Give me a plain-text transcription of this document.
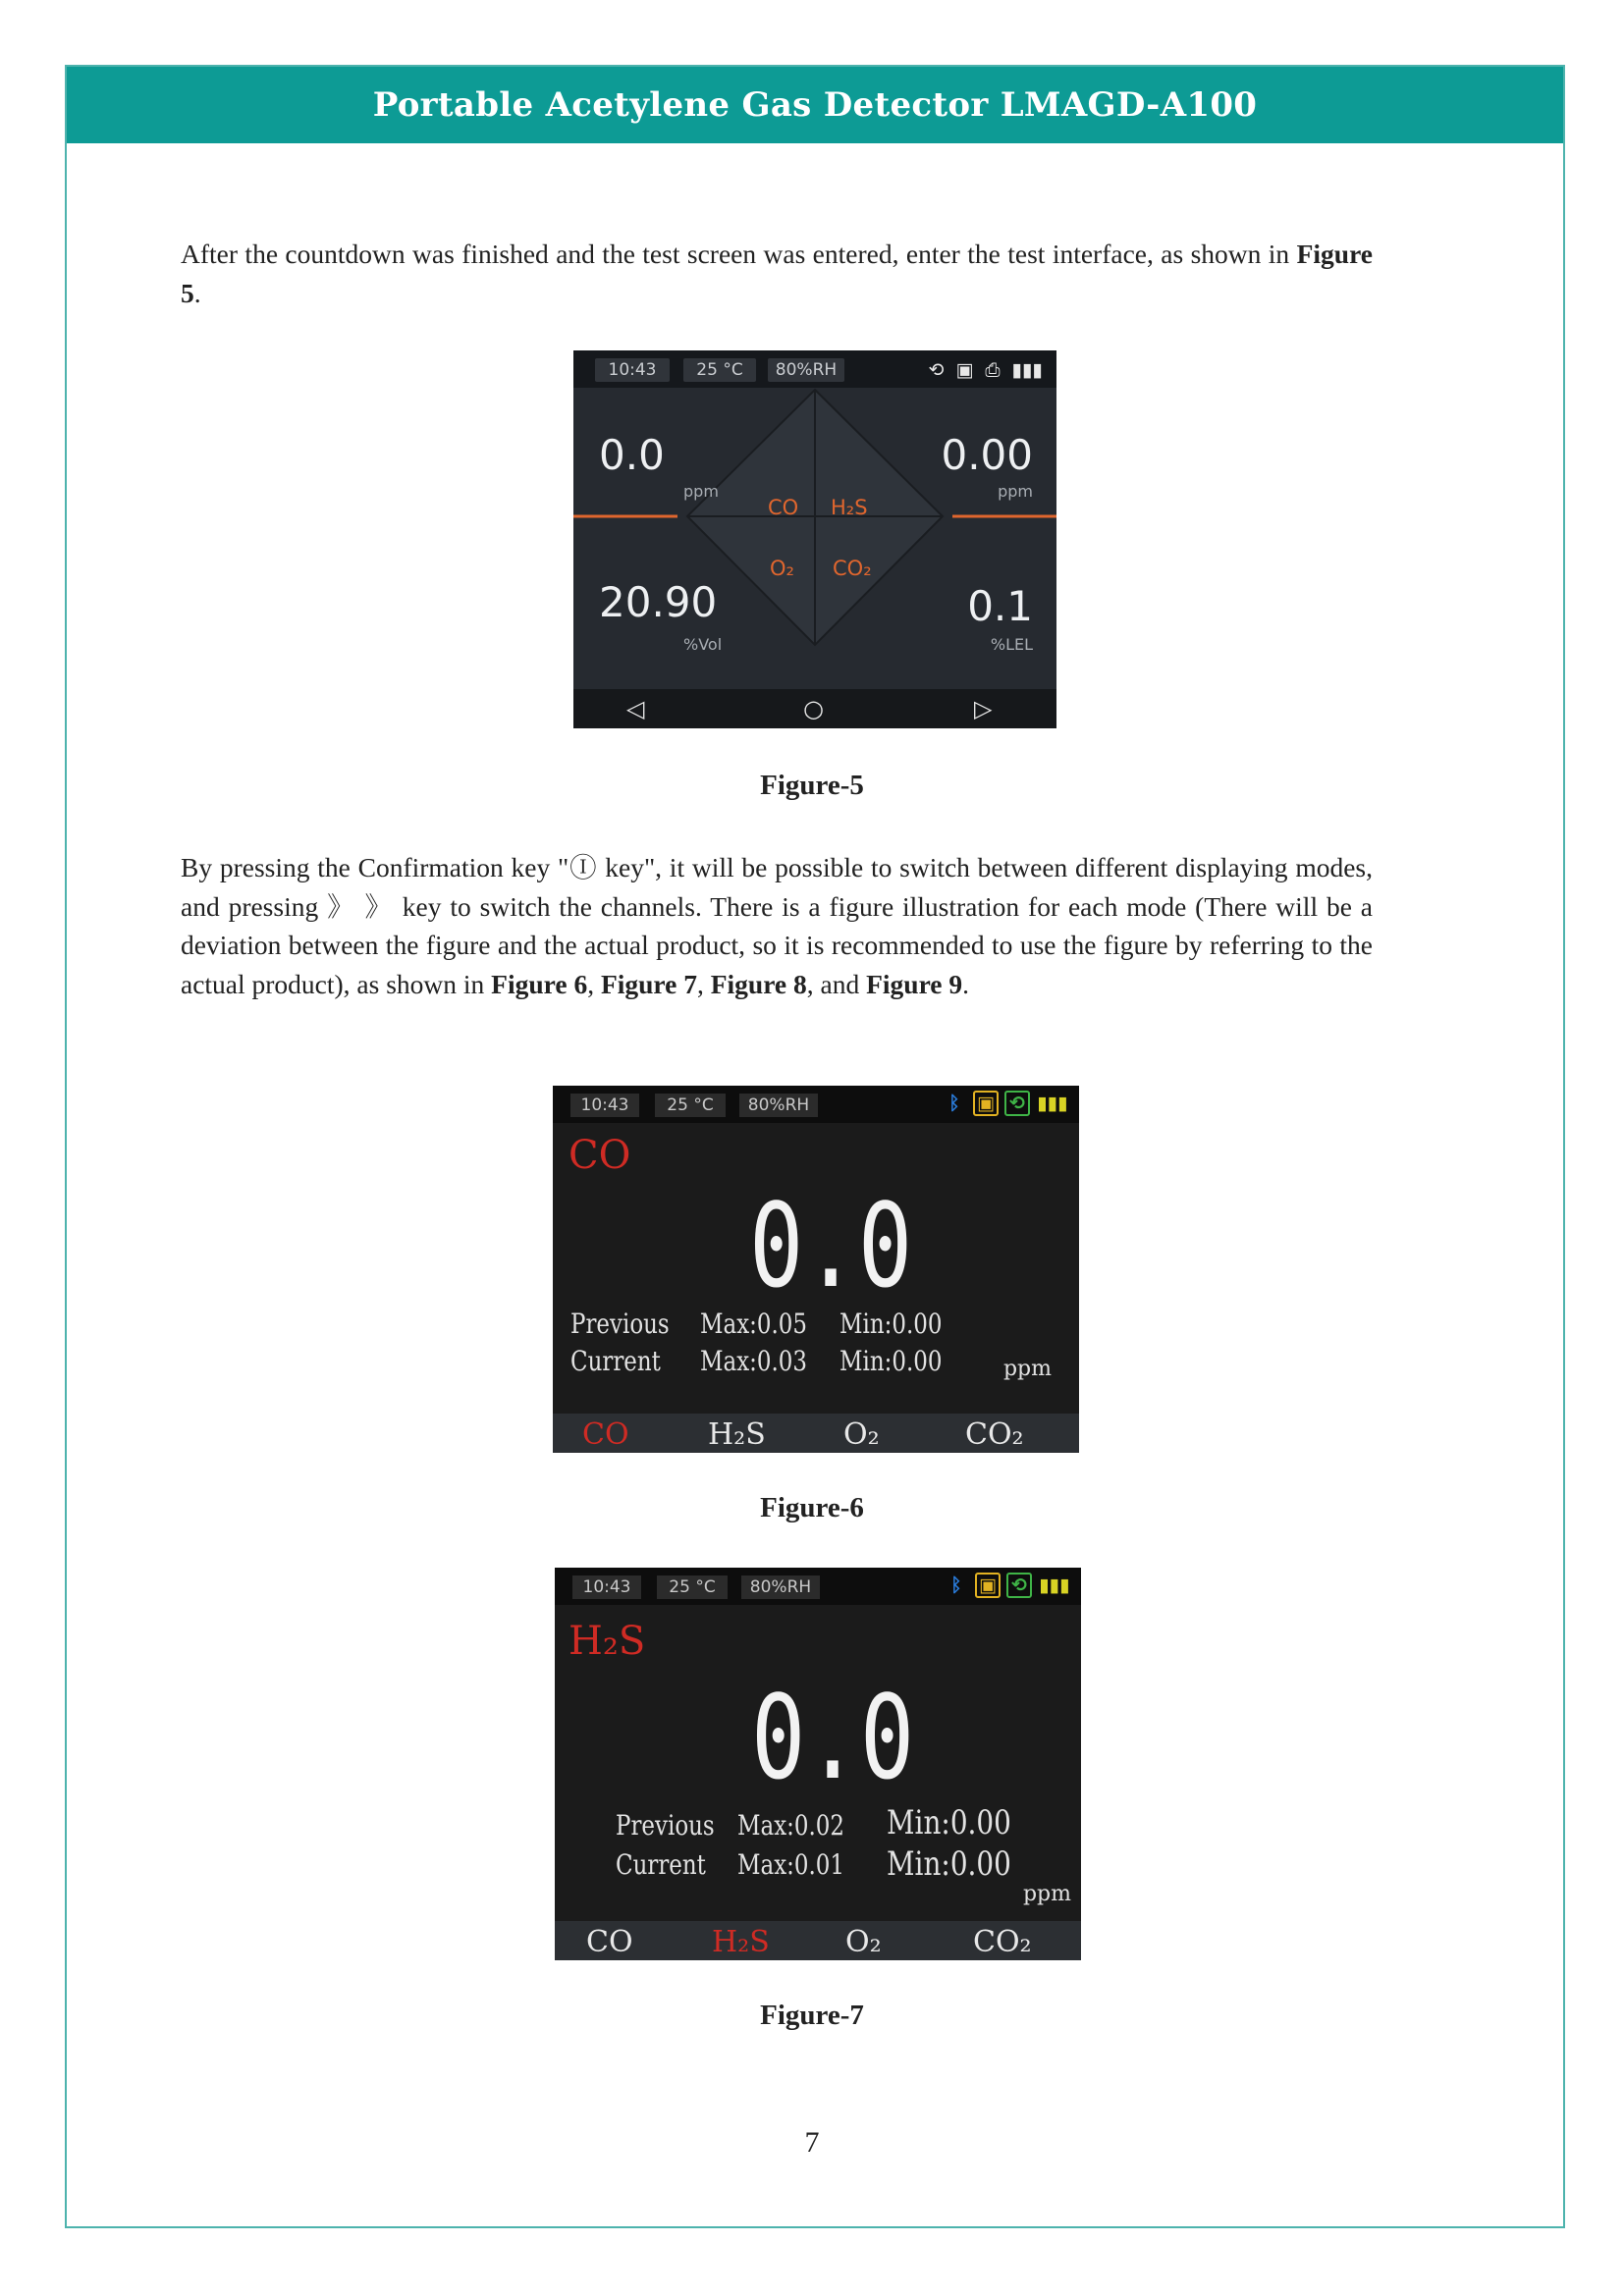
Portable Acetylene Gas Detector LMAGD-A100
After the countdown was finished and the test screen was entered, enter the test interface, as shown in Figure 5.
10:43	25 °C	80%RH	⟲ ▣ ⎙ ▮▮▮
0.0
ppm
0.00
ppm
20.90
%Vol
0.1
%LEL
CO H₂S
O₂ CO₂
◁	○	▷
Figure-5
By pressing the Confirmation key "Ⓘ key", it will be possible to switch between different displaying modes, and pressing 》 》 key to switch the channels. There is a figure illustration for each mode (There will be a deviation between the figure and the actual product, so it is recommended to use the figure by referring to the actual product), as shown in Figure 6, Figure 7, Figure 8, and Figure 9.
10:43	25 °C	80%RH	ᛒ ▣ ⟲ ▮▮▮
CO
0.0
Previous Max:0.05 Min:0.00
Current Max:0.03 Min:0.00	ppm
CO	H₂S	O₂	CO₂
Figure-6
10:43	25 °C	80%RH	ᛒ ▣ ⟲ ▮▮▮
H₂S
0.0
Previous Max:0.02 Min:0.00
Current Max:0.01 Min:0.00
ppm
CO	H₂S	O₂	CO₂
Figure-7
7
